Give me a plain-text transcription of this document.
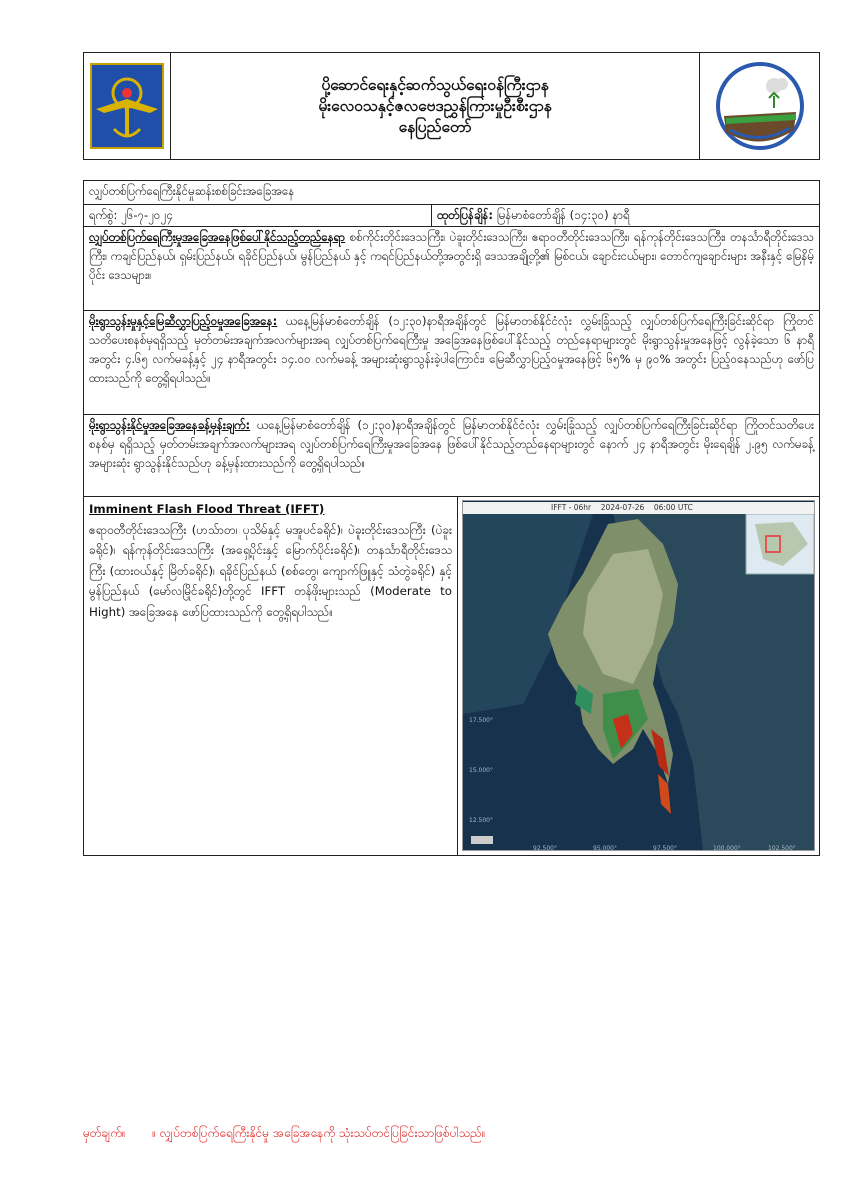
ပို့ဆောင်ရေးနှင့်ဆက်သွယ်ရေးဝန်ကြီးဌာန
မိုးလေဝသနှင့်ဇလဗေဒညွှန်ကြားမှုဦးစီးဌာန
နေပြည်တော်
လျှပ်တစ်ပြက်ရေကြီးနိုင်မှုဆန်းစစ်ခြင်းအခြေအနေ
ရက်စွဲ: ၂၆-၇-၂၀၂၄	ထုတ်ပြန်ချိန်: မြန်မာစံတော်ချိန် (၁၄:၃၀) နာရီ
လျှပ်တစ်ပြက်ရေကြီးမှုအခြေအနေဖြစ်ပေါ်နိုင်သည့်တည်နေရာ စစ်ကိုင်းတိုင်းဒေသကြီး၊ ပဲခူးတိုင်းဒေသကြီး၊ ဧရာဝတီတိုင်းဒေသကြီး၊ ရန်ကုန်တိုင်းဒေသကြီး၊ တနင်္သာရီတိုင်းဒေသကြီး၊ ကချင်ပြည်နယ်၊ ရှမ်းပြည်နယ်၊ ရခိုင်ပြည်နယ်၊ မွန်ပြည်နယ် နှင့် ကရင်ပြည်နယ်တို့အတွင်းရှိ ဒေသအချို့တို့၏ မြစ်ငယ်၊ ချောင်းငယ်များ၊ တောင်ကျချောင်းများ အနီးနှင့် မြေနိမ့်ပိုင်း ဒေသများ။
မိုးရွာသွန်းမှုနှင့်မြေဆီလွှာပြည့်ဝမှုအခြေအနေ: ယနေ့မြန်မာစံတော်ချိန် (၁၂:၃၀)နာရီအချိန်တွင် မြန်မာတစ်နိုင်ငံလုံး လွှမ်းခြုံသည့် လျှပ်တစ်ပြက်ရေကြီးခြင်းဆိုင်ရာ ကြိုတင်သတိပေးစနစ်မှရရှိသည့် မှတ်တမ်းအချက်အလက်များအရ လျှပ်တစ်ပြက်ရေကြီးမှု အခြေအနေဖြစ်ပေါ်နိုင်သည့် တည်နေရာများတွင် မိုးရွာသွန်းမှုအနေဖြင့် လွန်ခဲ့သော ၆ နာရီအတွင်း ၄.၆၅ လက်မခန့်နှင့် ၂၄ နာရီအတွင်း ၁၄.၀၀ လက်မခန့် အများဆုံးရွာသွန်းခဲ့ပါကြောင်း၊ မြေဆီလွှာပြည့်ဝမှုအနေဖြင့် ၆၅% မှ ၉၀% အတွင်း ပြည့်ဝနေသည်ဟု ဖော်ပြထားသည်ကို တွေ့ရှိရပါသည်။
မိုးရွာသွန်းနိုင်မှုအခြေအနေခန့်မှန်းချက်: ယနေ့မြန်မာစံတော်ချိန် (၁၂:၃၀)နာရီအချိန်တွင် မြန်မာတစ်နိုင်ငံလုံး လွှမ်းခြုံသည့် လျှပ်တစ်ပြက်ရေကြီးခြင်းဆိုင်ရာ ကြိုတင်သတိပေးစနစ်မှ ရရှိသည့် မှတ်တမ်းအချက်အလက်များအရ လျှပ်တစ်ပြက်ရေကြီးမှုအခြေအနေ ဖြစ်ပေါ်နိုင်သည့်တည်နေရာများတွင် နောက် ၂၄ နာရီအတွင်း မိုးရေချိန် ၂.၉၅ လက်မခန့် အများဆုံး ရွာသွန်းနိုင်သည်ဟု ခန့်မှန်းထားသည်ကို တွေ့ရှိရပါသည်။
Imminent Flash Flood Threat (IFFT)
ဧရာဝတီတိုင်းဒေသကြီး (ဟသ်ာတ၊ ပုသိမ်နှင့် မအူပင်ခရိုင်)၊ ပဲခူးတိုင်းဒေသကြီး (ပဲခူးခရိုင်)၊ ရန်ကုန်တိုင်းဒေသကြီး (အရှေ့ပိုင်းနှင့် မြောက်ပိုင်းခရိုင်)၊ တနင်္သာရီတိုင်းဒေသကြီး (ထားဝယ်နှင့် မြိတ်ခရိုင်)၊ ရခိုင်ပြည်နယ် (စစ်တွေ၊ ကျောက်ဖြူနှင့် သံတွဲခရိုင်) နှင့် မွန်ပြည်နယ် (မော်လမြိုင်ခရိုင်)တို့တွင် IFFT တန်ဖိုးများသည် (Moderate to Hight) အခြေအနေ ဖော်ပြထားသည်ကို တွေ့ရှိရပါသည်။
IFFT - 06hr 2024-07-26 06:00 UTC
17.500°
15.000°
12.500°
92.500°	95.000°	97.500°	100.000°	102.500°
မှတ်ချက်။ ။ လျှပ်တစ်ပြက်ရေကြီးနိုင်မှု အခြေအနေကို သုံးသပ်တင်ပြခြင်းသာဖြစ်ပါသည်။
